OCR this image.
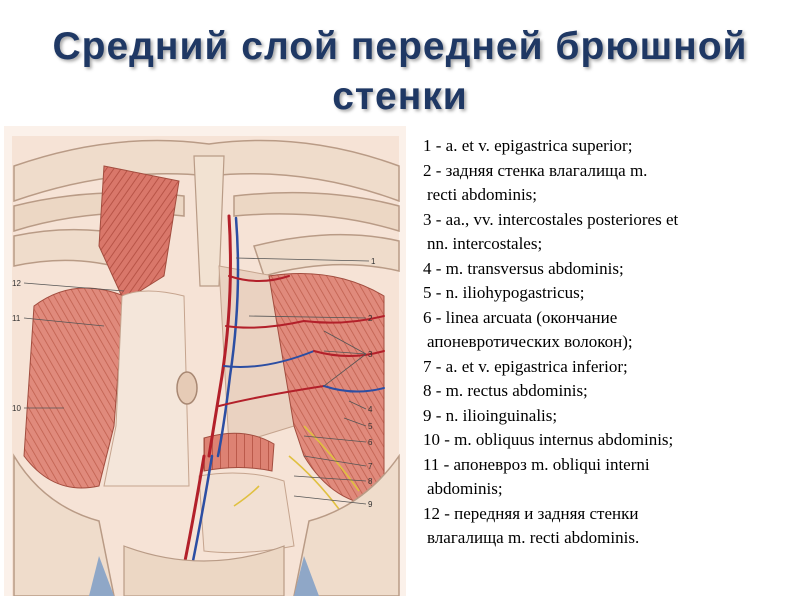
Средний слой передней брюшной стенки
1
2
3
4
5
6
7
8
9
10
11
12
1 - a. et v. epigastrica superior;
2 - задняя стенка влагалища m.
recti abdominis;
3 - aa., vv. intercostales posteriores et
nn. intercostales;
4 - m. transversus abdominis;
5 - n. iliohypogastricus;
6 - linea arcuata (окончание
апоневротических волокон);
7 - a. et v. epigastrica inferior;
8 - m. rectus abdominis;
9 - n. ilioinguinalis;
10 - m. obliquus internus abdominis;
11 - апоневроз m. obliqui interni
abdominis;
12 - передняя и задняя стенки
влагалища m. recti abdominis.
